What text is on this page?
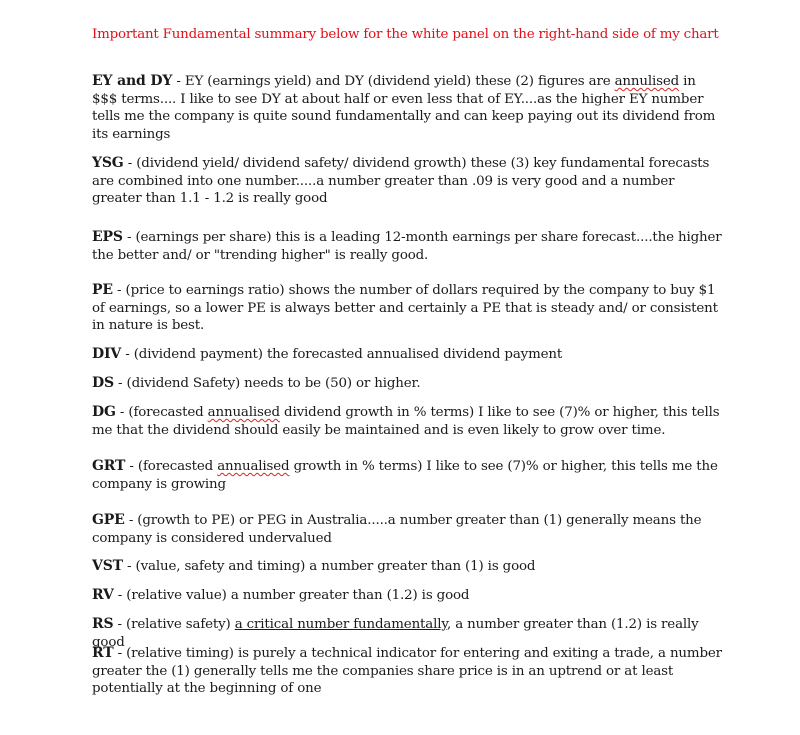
Important Fundamental summary below for the white panel on the right-hand side of my chart
EY and DY - EY (earnings yield) and DY (dividend yield) these (2) figures are annulised in $$$ terms.... I like to see DY at about half or even less that of EY....as the higher EY number tells me the company is quite sound fundamentally and can keep paying out its dividend from its earnings
YSG - (dividend yield/ dividend safety/ dividend growth) these (3) key fundamental forecasts are combined into one number.....a number greater than .09 is very good and a number greater than 1.1 - 1.2 is really good
EPS - (earnings per share) this is a leading 12-month earnings per share forecast....the higher the better and/ or "trending higher" is really good.
PE - (price to earnings ratio) shows the number of dollars required by the company to buy $1 of earnings, so a lower PE is always better and certainly a PE that is steady and/ or consistent in nature is best.
DIV - (dividend payment) the forecasted annualised dividend payment
DS - (dividend Safety) needs to be (50) or higher.
DG - (forecasted annualised dividend growth in % terms) I like to see (7)% or higher, this tells me that the dividend should easily be maintained and is even likely to grow over time.
GRT - (forecasted annualised growth in % terms) I like to see (7)% or higher, this tells me the company is growing
GPE - (growth to PE) or PEG in Australia.....a number greater than (1) generally means the company is considered undervalued
VST - (value, safety and timing) a number greater than (1) is good
RV - (relative value) a number greater than (1.2) is good
RS - (relative safety) a critical number fundamentally, a number greater than (1.2) is really good
RT - (relative timing) is purely a technical indicator for entering and exiting a trade, a number greater the (1) generally tells me the companies share price is in an uptrend or at least potentially at the beginning of one
